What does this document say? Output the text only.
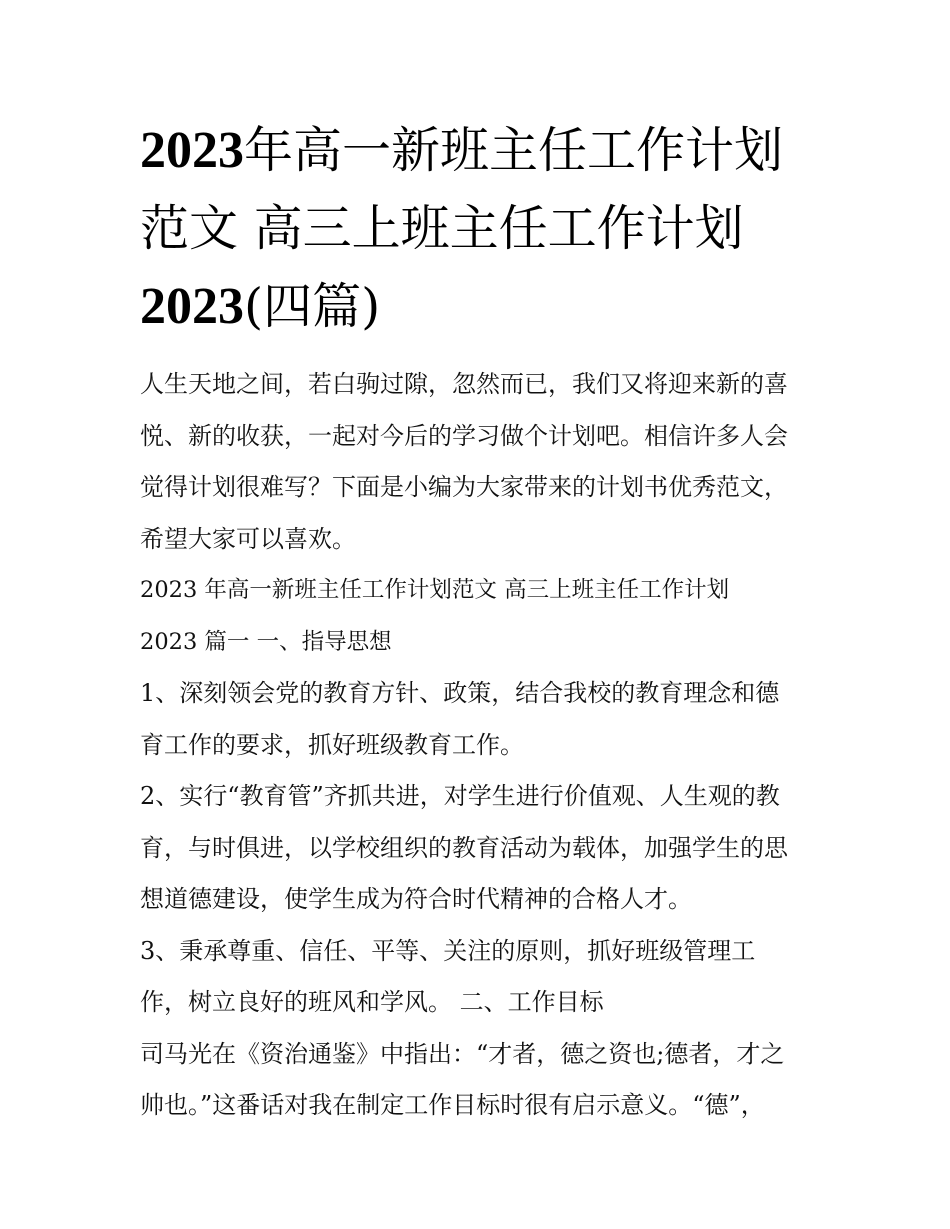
2023年高一新班主任工作计划
范文 高三上班主任工作计划
2023(四篇)
人生天地之间，若白驹过隙，忽然而已，我们又将迎来新的喜
悦、新的收获，一起对今后的学习做个计划吧。相信许多人会
觉得计划很难写？下面是小编为大家带来的计划书优秀范文，
希望大家可以喜欢。
2023 年高一新班主任工作计划范文 高三上班主任工作计划
2023 篇一 一、指导思想
1、深刻领会党的教育方针、政策，结合我校的教育理念和德
育工作的要求，抓好班级教育工作。
2、实行“教育管”齐抓共进，对学生进行价值观、人生观的教
育，与时俱进，以学校组织的教育活动为载体，加强学生的思
想道德建设，使学生成为符合时代精神的合格人才。
3、秉承尊重、信任、平等、关注的原则，抓好班级管理工
作，树立良好的班风和学风。 二、工作目标
司马光在《资治通鉴》中指出：“才者，德之资也;德者，才之
帅也。”这番话对我在制定工作目标时很有启示意义。“德”，
